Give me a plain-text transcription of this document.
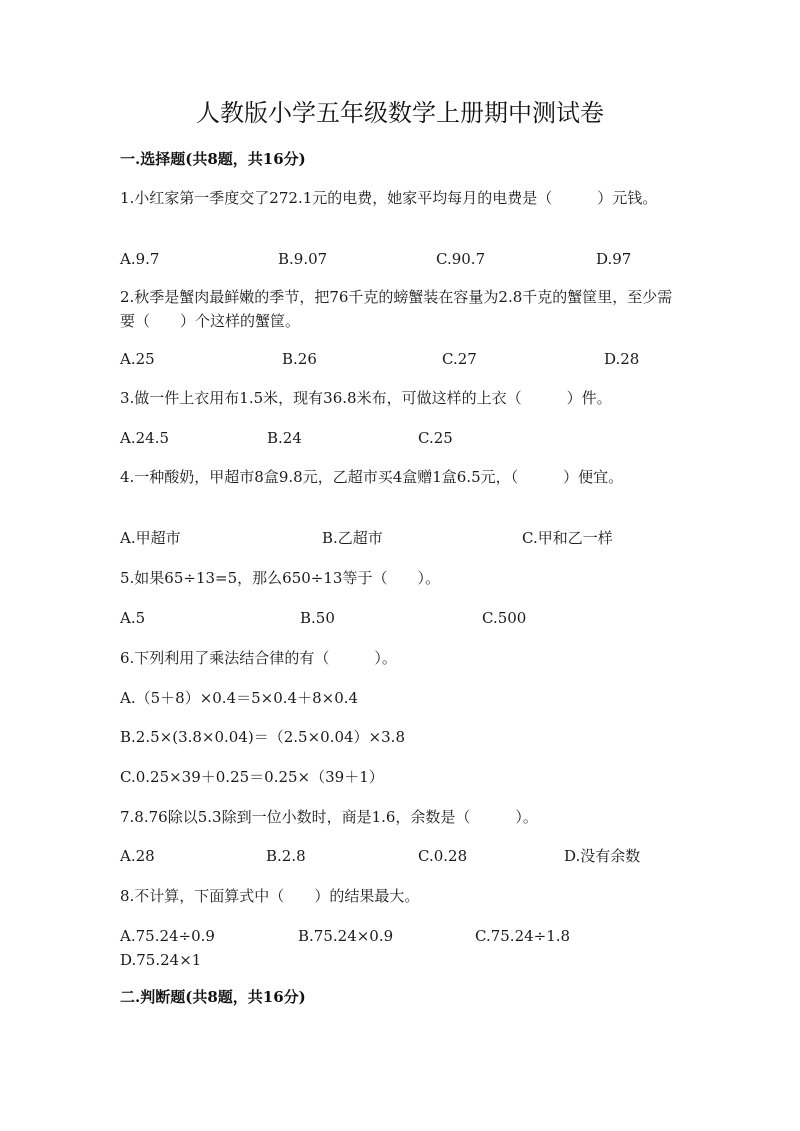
人教版小学五年级数学上册期中测试卷
一.选择题(共8题，共16分)
1.小红家第一季度交了272.1元的电费，她家平均每月的电费是（　　　）元钱。
A.9.7	B.9.07	C.90.7	D.97
2.秋季是蟹肉最鲜嫩的季节，把76千克的螃蟹装在容量为2.8千克的蟹筐里，至少需要（　　）个这样的蟹筐。
A.25	B.26	C.27	D.28
3.做一件上衣用布1.5米，现有36.8米布，可做这样的上衣（　　　）件。
A.24.5	B.24	C.25
4.一种酸奶，甲超市8盒9.8元，乙超市买4盒赠1盒6.5元，（　　　）便宜。
A.甲超市	B.乙超市	C.甲和乙一样
5.如果65÷13=5，那么650÷13等于（　　）。
A.5	B.50	C.500
6.下列利用了乘法结合律的有（　　　）。
A.（5＋8）×0.4＝5×0.4＋8×0.4
B.2.5×(3.8×0.04)＝（2.5×0.04）×3.8
C.0.25×39＋0.25＝0.25×（39＋1）
7.8.76除以5.3除到一位小数时，商是1.6，余数是（　　　）。
A.28	B.2.8	C.0.28	D.没有余数
8.不计算，下面算式中（　　）的结果最大。
A.75.24÷0.9	B.75.24×0.9	C.75.24÷1.8D.75.24×1
二.判断题(共8题，共16分)
